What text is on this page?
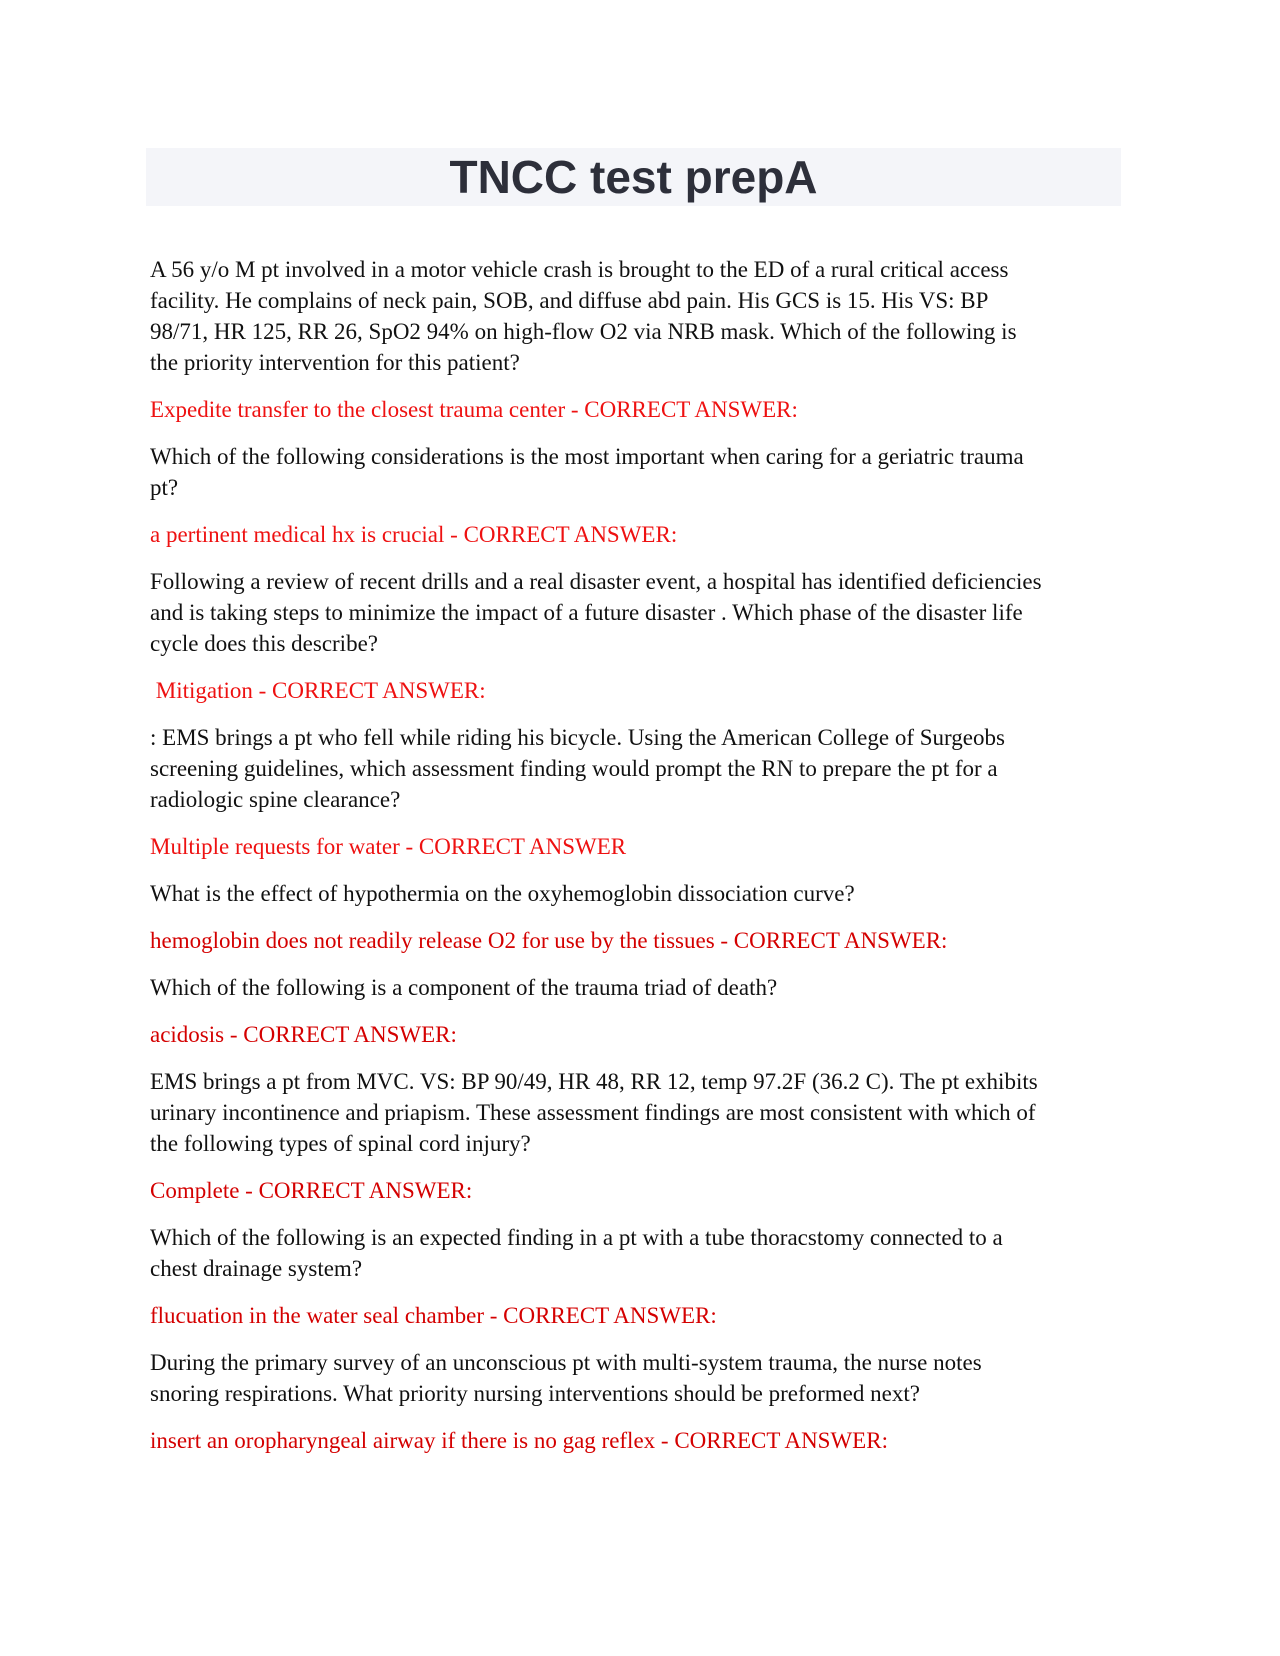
TNCC test prepA
A 56 y/o M pt involved in a motor vehicle crash is brought to the ED of a rural critical access
facility. He complains of neck pain, SOB, and diffuse abd pain. His GCS is 15. His VS: BP
98/71, HR 125, RR 26, SpO2 94% on high-flow O2 via NRB mask. Which of the following is
the priority intervention for this patient?
Expedite transfer to the closest trauma center - CORRECT ANSWER:
Which of the following considerations is the most important when caring for a geriatric trauma
pt?
a pertinent medical hx is crucial - CORRECT ANSWER:
Following a review of recent drills and a real disaster event, a hospital has identified deficiencies
and is taking steps to minimize the impact of a future disaster . Which phase of the disaster life
cycle does this describe?
Mitigation - CORRECT ANSWER:
: EMS brings a pt who fell while riding his bicycle. Using the American College of Surgeobs
screening guidelines, which assessment finding would prompt the RN to prepare the pt for a
radiologic spine clearance?
Multiple requests for water - CORRECT ANSWER
What is the effect of hypothermia on the oxyhemoglobin dissociation curve?
hemoglobin does not readily release O2 for use by the tissues - CORRECT ANSWER:
Which of the following is a component of the trauma triad of death?
acidosis - CORRECT ANSWER:
EMS brings a pt from MVC. VS: BP 90/49, HR 48, RR 12, temp 97.2F (36.2 C). The pt exhibits
urinary incontinence and priapism. These assessment findings are most consistent with which of
the following types of spinal cord injury?
Complete - CORRECT ANSWER:
Which of the following is an expected finding in a pt with a tube thoracstomy connected to a
chest drainage system?
flucuation in the water seal chamber - CORRECT ANSWER:
During the primary survey of an unconscious pt with multi-system trauma, the nurse notes
snoring respirations. What priority nursing interventions should be preformed next?
insert an oropharyngeal airway if there is no gag reflex - CORRECT ANSWER:
